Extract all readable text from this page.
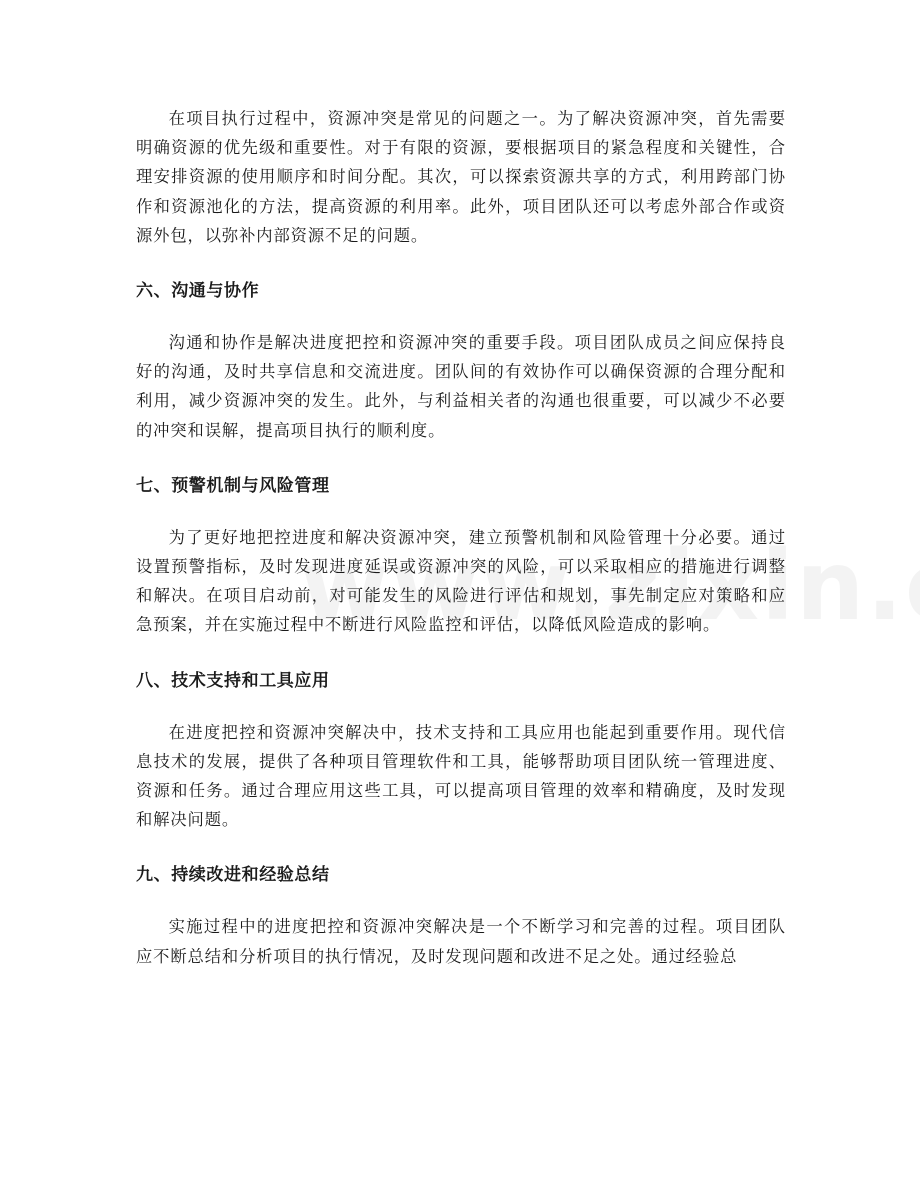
在项目执行过程中，资源冲突是常见的问题之一。为了解决资源冲突，首先需要明确资源的优先级和重要性。对于有限的资源，要根据项目的紧急程度和关键性，合理安排资源的使用顺序和时间分配。其次，可以探索资源共享的方式，利用跨部门协作和资源池化的方法，提高资源的利用率。此外，项目团队还可以考虑外部合作或资源外包，以弥补内部资源不足的问题。

六、沟通与协作

沟通和协作是解决进度把控和资源冲突的重要手段。项目团队成员之间应保持良好的沟通，及时共享信息和交流进度。团队间的有效协作可以确保资源的合理分配和利用，减少资源冲突的发生。此外，与利益相关者的沟通也很重要，可以减少不必要的冲突和误解，提高项目执行的顺利度。

七、预警机制与风险管理

为了更好地把控进度和解决资源冲突，建立预警机制和风险管理十分必要。通过设置预警指标，及时发现进度延误或资源冲突的风险，可以采取相应的措施进行调整和解决。在项目启动前，对可能发生的风险进行评估和规划，事先制定应对策略和应急预案，并在实施过程中不断进行风险监控和评估，以降低风险造成的影响。

八、技术支持和工具应用

在进度把控和资源冲突解决中，技术支持和工具应用也能起到重要作用。现代信息技术的发展，提供了各种项目管理软件和工具，能够帮助项目团队统一管理进度、资源和任务。通过合理应用这些工具，可以提高项目管理的效率和精确度，及时发现和解决问题。

九、持续改进和经验总结

实施过程中的进度把控和资源冲突解决是一个不断学习和完善的过程。项目团队应不断总结和分析项目的执行情况，及时发现问题和改进不足之处。通过经验总
